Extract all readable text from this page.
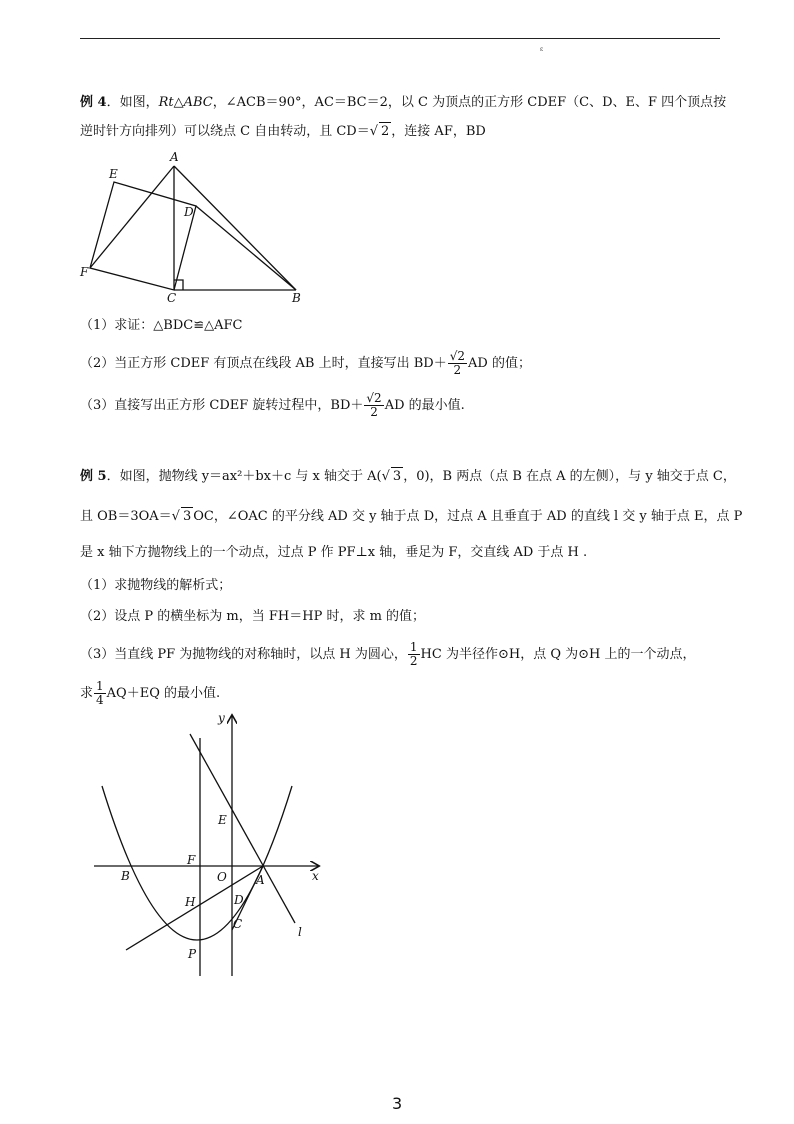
ε
例 4．如图，Rt△ABC，∠ACB＝90°，AC＝BC＝2，以 C 为顶点的正方形 CDEF（C、D、E、F 四个顶点按
逆时针方向排列）可以绕点 C 自由转动，且 CD＝√ 2 ，连接 AF，BD
A
B
C
D
E
F
（1）求证：△BDC≌△AFC
（2）当正方形 CDEF 有顶点在线段 AB 上时，直接写出 $BD+ \frac{√2}{2}$ AD 的值；
（3）直接写出正方形 CDEF 旋转过程中，$BD+ \frac{√2}{2}$ AD 的最小值.
例 5．如图，抛物线 y＝ax²＋bx＋c 与 x 轴交于 A(√ 3 ，0)，B 两点（点 B 在点 A 的左侧），与 y 轴交于点 C，
且 OB＝3OA＝√ 3 OC，∠OAC 的平分线 AD 交 y 轴于点 D，过点 A 且垂直于 AD 的直线 l 交 y 轴于点 E，点 P
是 x 轴下方抛物线上的一个动点，过点 P 作 PF⊥x 轴，垂足为 F，交直线 AD 于点 H .
（1）求抛物线的解析式；
（2）设点 P 的横坐标为 m，当 FH＝HP 时，求 m 的值；
（3）当直线 PF 为抛物线的对称轴时，以点 H 为圆心， $\frac{1}{2}$ HC 为半径作⊙H，点 Q 为⊙H 上的一个动点，
求 $\frac{1}{4} AQ+EQ$ 的最小值.
y
x
E
F
O A
B
H	D
C
P
l
3
